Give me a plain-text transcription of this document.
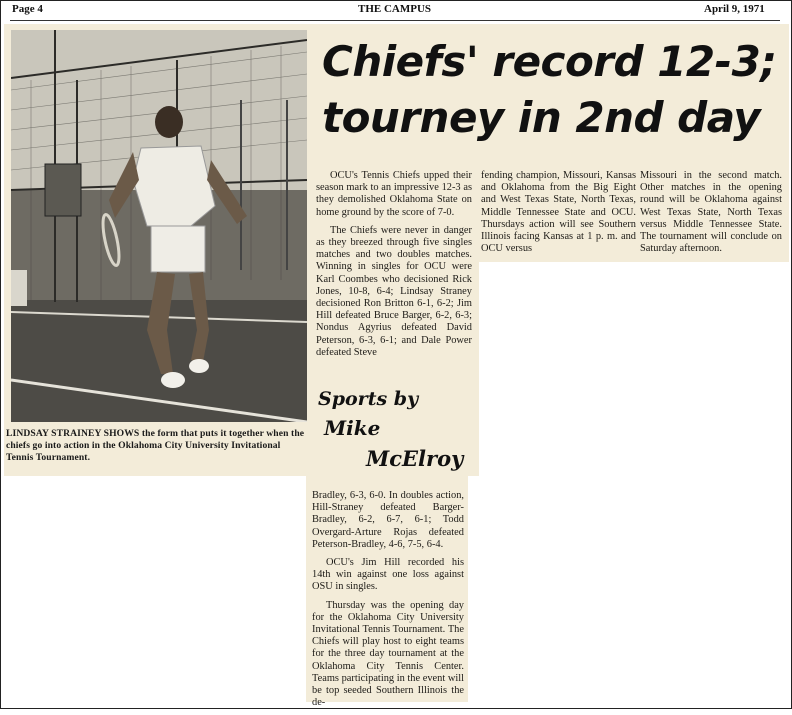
Page 4	THE CAMPUS	April 9, 1971
LINDSAY STRAINEY SHOWS the form that puts it together when the chiefs go into action in the Oklahoma City University Invitational Tennis Tournament.
Chiefs' record 12-3;
tourney in 2nd day

OCU's Tennis Chiefs upped their season mark to an impressive 12-3 as they demolished Oklahoma State on home ground by the score of 7-0.

The Chiefs were never in danger as they breezed through five singles matches and two doubles matches. Winning in singles for OCU were Karl Coombes who decisioned Rick Jones, 10-8, 6-4; Lindsay Straney decisioned Ron Britton 6-1, 6-2; Jim Hill defeated Bruce Barger, 6-2, 6-3; Nondus Agyrius defeated David Peterson, 6-3, 6-1; and Dale Power defeated Steve

Bradley, 6-3, 6-0. In doubles action, Hill-Straney defeated Barger-Bradley, 6-2, 6-7, 6-1; Todd Overgard-Arture Rojas defeated Peterson-Bradley, 4-6, 7-5, 6-4.

OCU's Jim Hill recorded his 14th win against one loss against OSU in singles.

Thursday was the opening day for the Oklahoma City University Invitational Tennis Tournament. The Chiefs will play host to eight teams for the three day tournament at the Oklahoma City Tennis Center. Teams participating in the event will be top seeded Southern Illinois the de-

fending champion, Missouri, Kansas and Oklahoma from the Big Eight and West Texas State, North Texas, Middle Tennessee State and OCU. Thursdays action will see Southern Illinois facing Kansas at 1 p. m. and OCU versus

Missouri in the second match. Other matches in the opening round will be Oklahoma against West Texas State, North Texas versus Middle Tennessee State. The tournament will conclude on Saturday afternoon.

Sports by
Mike
McElroy
